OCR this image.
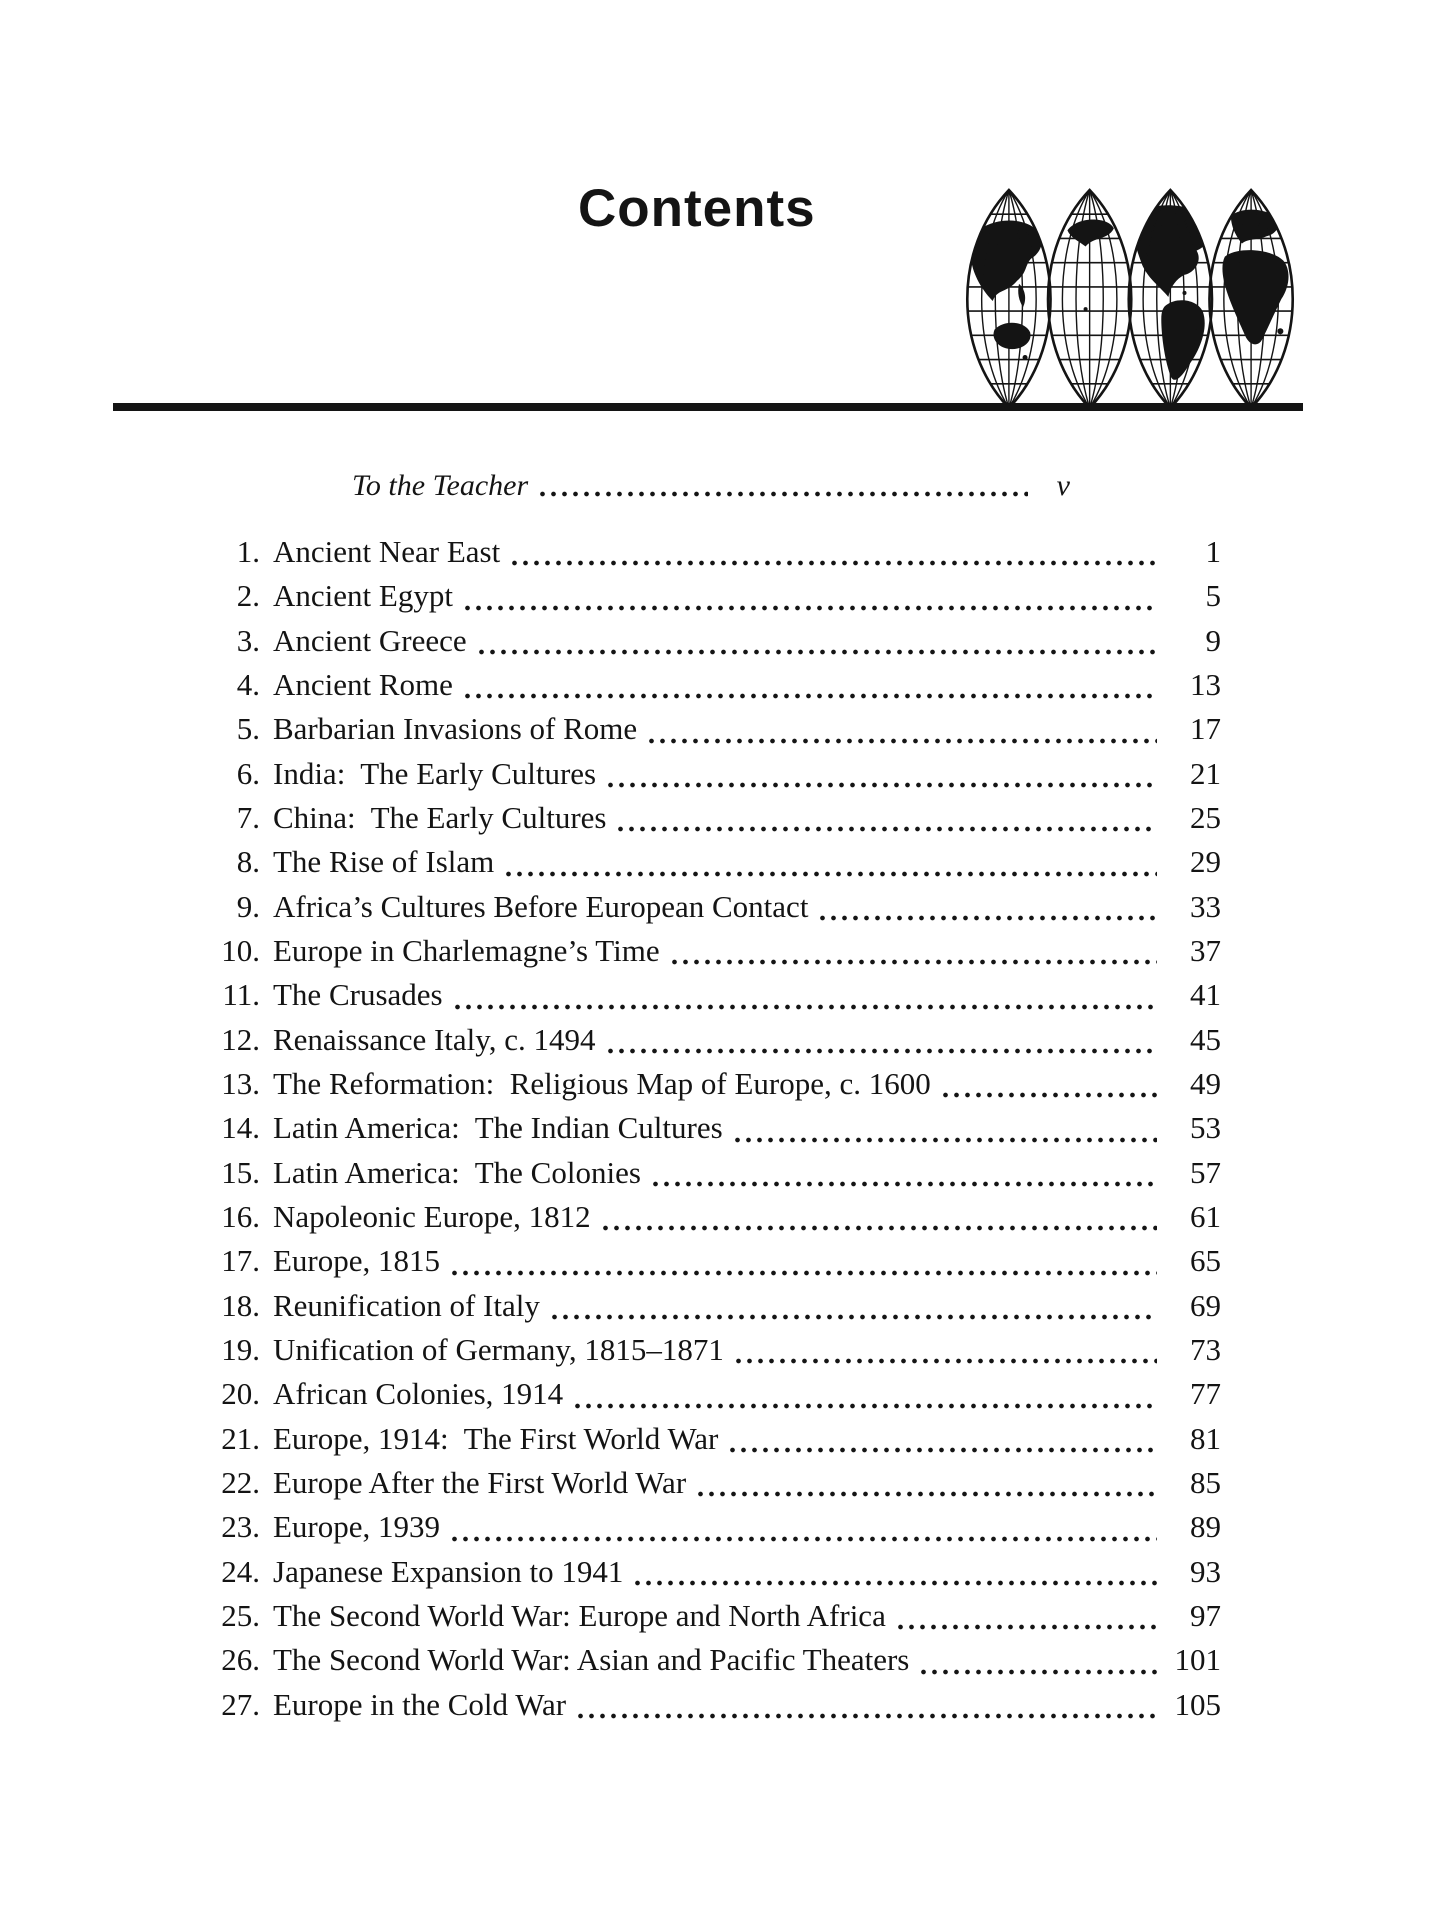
Contents
To the Teacher	v
1. Ancient Near East	1
2. Ancient Egypt	5
3. Ancient Greece	9
4. Ancient Rome	13
5. Barbarian Invasions of Rome	17
6. India:  The Early Cultures	21
7. China:  The Early Cultures	25
8. The Rise of Islam	29
9. Africa’s Cultures Before European Contact	33
10. Europe in Charlemagne’s Time	37
11. The Crusades	41
12. Renaissance Italy, c. 1494	45
13. The Reformation:  Religious Map of Europe, c. 1600	49
14. Latin America:  The Indian Cultures	53
15. Latin America:  The Colonies	57
16. Napoleonic Europe, 1812	61
17. Europe, 1815	65
18. Reunification of Italy	69
19. Unification of Germany, 1815–1871	73
20. African Colonies, 1914	77
21. Europe, 1914:  The First World War	81
22. Europe After the First World War	85
23. Europe, 1939	89
24. Japanese Expansion to 1941	93
25. The Second World War: Europe and North Africa	97
26. The Second World War: Asian and Pacific Theaters	101
27. Europe in the Cold War	105
